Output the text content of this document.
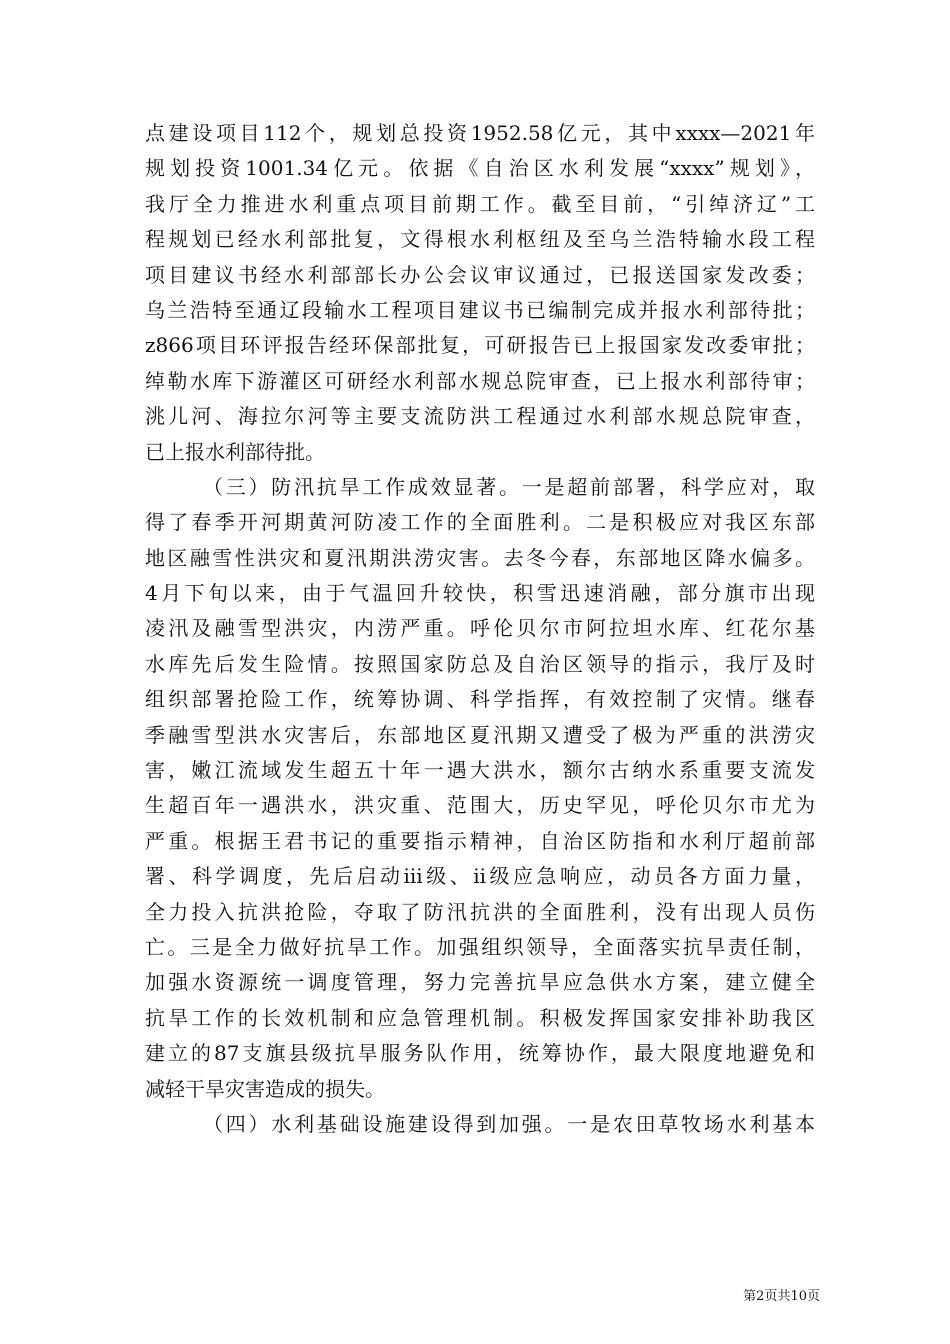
点建设项目112个，规划总投资1952.58亿元，其中xxxx—2021年
规划投资1001.34亿元。依据《自治区水利发展“xxxx”规划》，
我厅全力推进水利重点项目前期工作。截至目前，“引绰济辽”工
程规划已经水利部批复，文得根水利枢纽及至乌兰浩特输水段工程
项目建议书经水利部部长办公会议审议通过，已报送国家发改委；
乌兰浩特至通辽段输水工程项目建议书已编制完成并报水利部待批；
z866项目环评报告经环保部批复，可研报告已上报国家发改委审批；
绰勒水库下游灌区可研经水利部水规总院审查，已上报水利部待审；
洮儿河、海拉尔河等主要支流防洪工程通过水利部水规总院审查，
已上报水利部待批。
（三）防汛抗旱工作成效显著。一是超前部署，科学应对，取
得了春季开河期黄河防凌工作的全面胜利。二是积极应对我区东部
地区融雪性洪灾和夏汛期洪涝灾害。去冬今春，东部地区降水偏多。
4月下旬以来，由于气温回升较快，积雪迅速消融，部分旗市出现
凌汛及融雪型洪灾，内涝严重。呼伦贝尔市阿拉坦水库、红花尔基
水库先后发生险情。按照国家防总及自治区领导的指示，我厅及时
组织部署抢险工作，统筹协调、科学指挥，有效控制了灾情。继春
季融雪型洪水灾害后，东部地区夏汛期又遭受了极为严重的洪涝灾
害，嫩江流域发生超五十年一遇大洪水，额尔古纳水系重要支流发
生超百年一遇洪水，洪灾重、范围大，历史罕见，呼伦贝尔市尤为
严重。根据王君书记的重要指示精神，自治区防指和水利厅超前部
署、科学调度，先后启动iii级、ii级应急响应，动员各方面力量，
全力投入抗洪抢险，夺取了防汛抗洪的全面胜利，没有出现人员伤
亡。三是全力做好抗旱工作。加强组织领导，全面落实抗旱责任制，
加强水资源统一调度管理，努力完善抗旱应急供水方案，建立健全
抗旱工作的长效机制和应急管理机制。积极发挥国家安排补助我区
建立的87支旗县级抗旱服务队作用，统筹协作，最大限度地避免和
减轻干旱灾害造成的损失。
（四）水利基础设施建设得到加强。一是农田草牧场水利基本
第2页共10页
